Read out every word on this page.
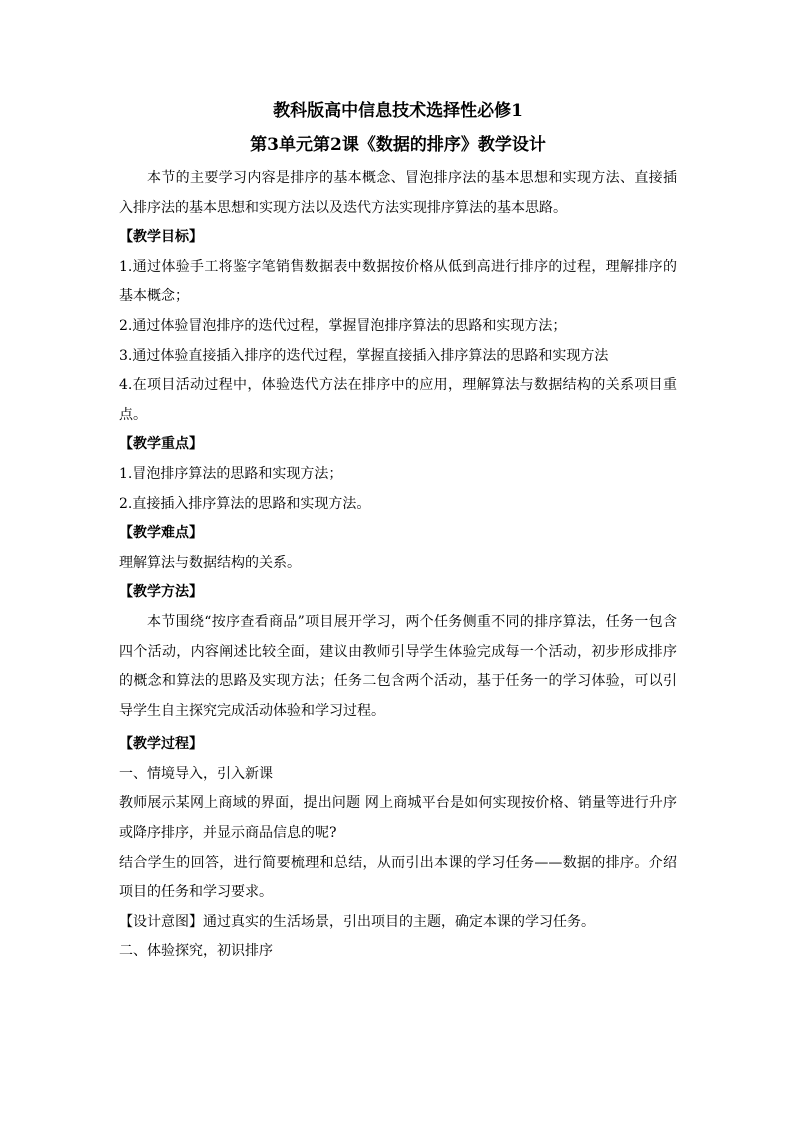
教科版高中信息技术选择性必修1
第3单元第2课《数据的排序》教学设计

本节的主要学习内容是排序的基本概念、冒泡排序法的基本思想和实现方法、直接插入排序法的基本思想和实现方法以及迭代方法实现排序算法的基本思路。

【教学目标】

1.通过体验手工将鉴字笔销售数据表中数据按价格从低到高进行排序的过程，理解排序的基本概念；

2.通过体验冒泡排序的迭代过程，掌握冒泡排序算法的思路和实现方法；

3.通过体验直接插入排序的迭代过程，掌握直接插入排序算法的思路和实现方法

4.在项目活动过程中，体验迭代方法在排序中的应用，理解算法与数据结构的关系项目重点。

【教学重点】

1.冒泡排序算法的思路和实现方法；

2.直接插入排序算法的思路和实现方法。

【教学难点】

理解算法与数据结构的关系。

【教学方法】

本节围绕“按序查看商品”项目展开学习，两个任务侧重不同的排序算法，任务一包含四个活动，内容阐述比较全面，建议由教师引导学生体验完成每一个活动，初步形成排序的概念和算法的思路及实现方法；任务二包含两个活动，基于任务一的学习体验，可以引导学生自主探究完成活动体验和学习过程。

【教学过程】

一、情境导入，引入新课

教师展示某网上商域的界面，提出问题 网上商城平台是如何实现按价格、销量等进行升序或降序排序，并显示商品信息的呢?

结合学生的回答，进行简要梳理和总结，从而引出本课的学习任务——数据的排序。介绍项目的任务和学习要求。

【设计意图】通过真实的生活场景，引出项目的主题，确定本课的学习任务。

二、体验探究，初识排序
